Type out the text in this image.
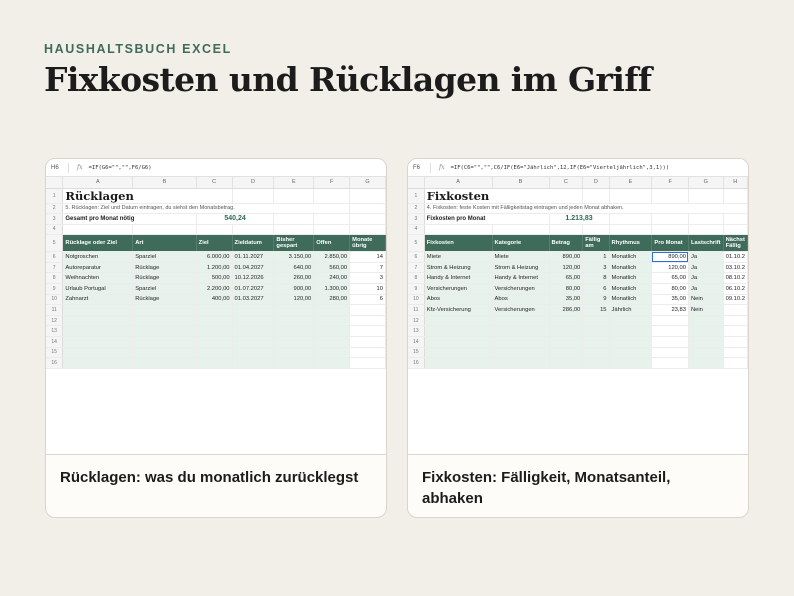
HAUSHALTSBUCH EXCEL
Fixkosten und Rücklagen im Griff
H6	fx =IF(G6="","",F6/G6)
	A	B	C	D	E	F	G
1	Rücklagen						
2	5. Rücklagen: Ziel und Datum eintragen, du siehst den Monatsbetrag.						
3	Gesamt pro Monat nötig		540,24				
4							
5	Rücklage oder Ziel	Art	Ziel	Zieldatum	Bisher gespart	Offen	Monate übrig
6	Notgroschen	Sparziel	6.000,00	01.11.2027	3.150,00	2.850,00	14
7	Autoreparatur	Rücklage	1.200,00	01.04.2027	640,00	560,00	7
8	Weihnachten	Rücklage	500,00	10.12.2026	260,00	240,00	3
9	Urlaub Portugal	Sparziel	2.200,00	01.07.2027	900,00	1.300,00	10
10	Zahnarzt	Rücklage	400,00	01.03.2027	120,00	280,00	6
11							
12							
13							
14							
15							
16							
Rücklagen: was du monatlich zurücklegst
F6	fx =IF(C6="","",C6/IF(E6="Jährlich",12,IF(E6="Vierteljährlich",3,1)))
	A	B	C	D	E	F	G	H
1	Fixkosten							
2	4. Fixkosten: feste Kosten mit Fälligkeitstag eintragen und jeden Monat abhaken.							
3	Fixkosten pro Monat		1.213,83					
4								
5	Fixkosten	Kategorie	Betrag	Fällig am	Rhythmus	Pro Monat	Lastschrift	Nächst Fällig
6	Miete	Miete	890,00	1	Monatlich	890,00	Ja	01.10.2
7	Strom & Heizung	Strom & Heizung	120,00	3	Monatlich	120,00	Ja	03.10.2
8	Handy & Internet	Handy & Internet	65,00	8	Monatlich	65,00	Ja	08.10.2
9	Versicherungen	Versicherungen	80,00	6	Monatlich	80,00	Ja	06.10.2
10	Abos	Abos	35,00	9	Monatlich	35,00	Nein	09.10.2
11	Kfz-Versicherung	Versicherungen	286,00	15	Jährlich	23,83	Nein	
12								
13								
14								
15								
16								
Fixkosten: Fälligkeit, Monatsanteil, abhaken
